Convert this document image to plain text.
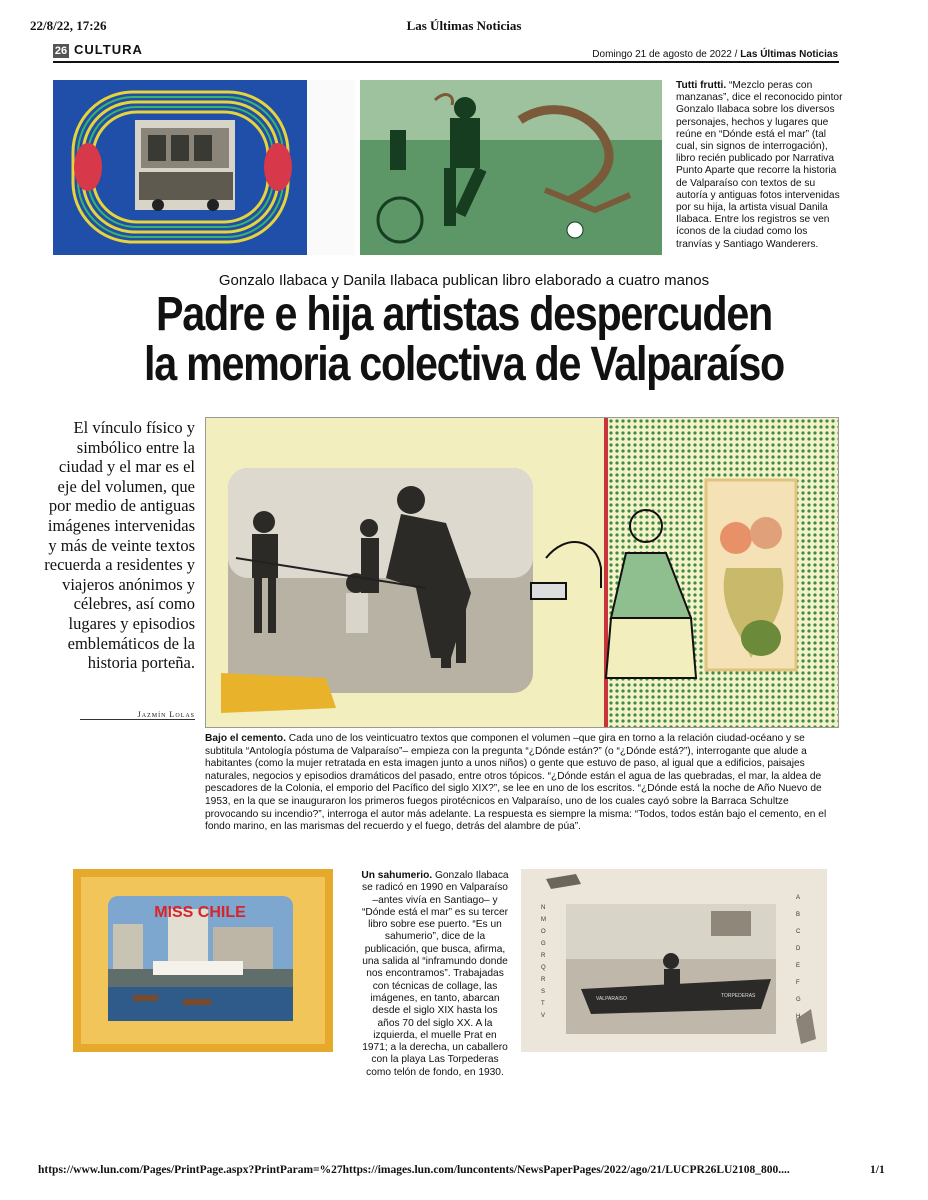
22/8/22, 17:26	Las Últimas Noticias
26 CULTURA	Domingo 21 de agosto de 2022 / Las Últimas Noticias
Tutti frutti. “Mezclo peras con manzanas”, dice el reconocido pintor Gonzalo Ilabaca sobre los diversos personajes, hechos y lugares que reúne en “Dónde está el mar” (tal cual, sin signos de interrogación), libro recién publicado por Narrativa Punto Aparte que recorre la historia de Valparaíso con textos de su autoría y antiguas fotos intervenidas por su hija, la artista visual Danila Ilabaca. Entre los registros se ven íconos de la ciudad como los tranvías y Santiago Wanderers.
Gonzalo Ilabaca y Danila Ilabaca publican libro elaborado a cuatro manos
Padre e hija artistas despercuden
la memoria colectiva de Valparaíso
El vínculo físico y simbólico entre la ciudad y el mar es el eje del volumen, que por medio de antiguas imágenes intervenidas y más de veinte textos recuerda a residentes y viajeros anónimos y célebres, así como lugares y episodios emblemáticos de la historia porteña.
Jazmín Lolas
Bajo el cemento. Cada uno de los veinticuatro textos que componen el volumen –que gira en torno a la relación ciudad-océano y se subtitula “Antología póstuma de Valparaíso”– empieza con la pregunta “¿Dónde están?” (o “¿Dónde está?”), interrogante que alude a habitantes (como la mujer retratada en esta imagen junto a unos niños) o gente que estuvo de paso, al igual que a edificios, paisajes naturales, negocios y episodios dramáticos del pasado, entre otros tópicos. “¿Dónde están el agua de las quebradas, el mar, la aldea de pescadores de la Colonia, el emporio del Pacífico del siglo XIX?”, se lee en uno de los escritos. “¿Dónde está la noche de Año Nuevo de 1953, en la que se inauguraron los primeros fuegos pirotécnicos en Valparaíso, uno de los cuales cayó sobre la Barraca Schultze provocando su incendio?”, interroga el autor más adelante. La respuesta es siempre la misma: “Todos, todos están bajo el cemento, en el fondo marino, en las marismas del recuerdo y el fuego, detrás del alambre de púa”.
MISS CHILE
Un sahumerio. Gonzalo Ilabaca se radicó en 1990 en Valparaíso –antes vivía en Santiago– y “Dónde está el mar” es su tercer libro sobre ese puerto. “Es un sahumerio”, dice de la publicación, que busca, afirma, una salida al “inframundo donde nos encontramos”. Trabajadas con técnicas de collage, las imágenes, en tanto, abarcan desde el siglo XIX hasta los años 70 del siglo XX. A la izquierda, el muelle Prat en 1971; a la derecha, un caballero con la playa Las Torpederas como telón de fondo, en 1930.
VALPARAISO	TORPEDERAS
N
M
O
G
R
Q
R
S
T
V
A
B
C
D
E
F
G
H
https://www.lun.com/Pages/PrintPage.aspx?PrintParam=%27https://images.lun.com/luncontents/NewsPaperPages/2022/ago/21/LUCPR26LU2108_800....	1/1
